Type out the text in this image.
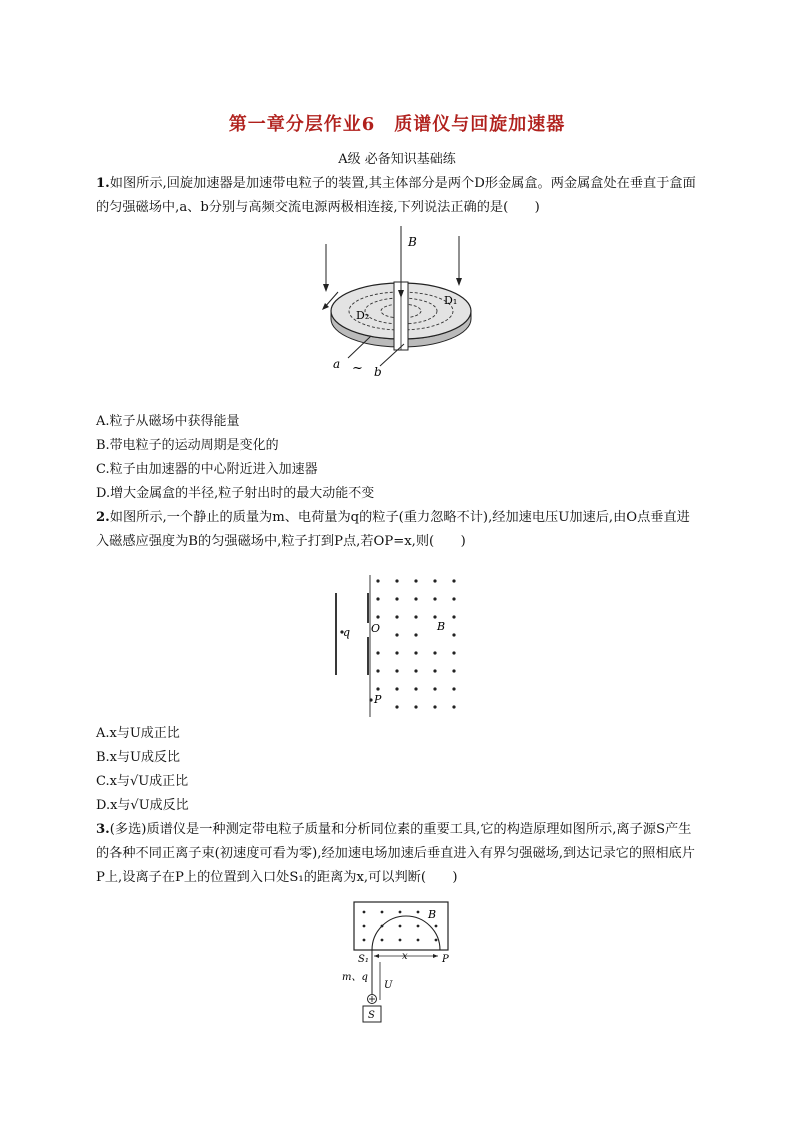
第一章分层作业6　质谱仪与回旋加速器
A级 必备知识基础练
1.如图所示,回旋加速器是加速带电粒子的装置,其主体部分是两个D形金属盒。两金属盒处在垂直于盒面的匀强磁场中,a、b分别与高频交流电源两极相连接,下列说法正确的是(　　)
B
D₁
D₂
a ~ b
A.粒子从磁场中获得能量
B.带电粒子的运动周期是变化的
C.粒子由加速器的中心附近进入加速器
D.增大金属盒的半径,粒子射出时的最大动能不变
2.如图所示,一个静止的质量为m、电荷量为q的粒子(重力忽略不计),经加速电压U加速后,由O点垂直进入磁感应强度为B的匀强磁场中,粒子打到P点,若OP=x,则(　　)
q O	B
P
A.x与U成正比
B.x与U成反比
C.x与√U成正比
D.x与√U成反比
3.(多选)质谱仪是一种测定带电粒子质量和分析同位素的重要工具,它的构造原理如图所示,离子源S产生的各种不同正离子束(初速度可看为零),经加速电场加速后垂直进入有界匀强磁场,到达记录它的照相底片P上,设离子在P上的位置到入口处S₁的距离为x,可以判断(　　)
B
S₁	x	P
m、q
U
S
